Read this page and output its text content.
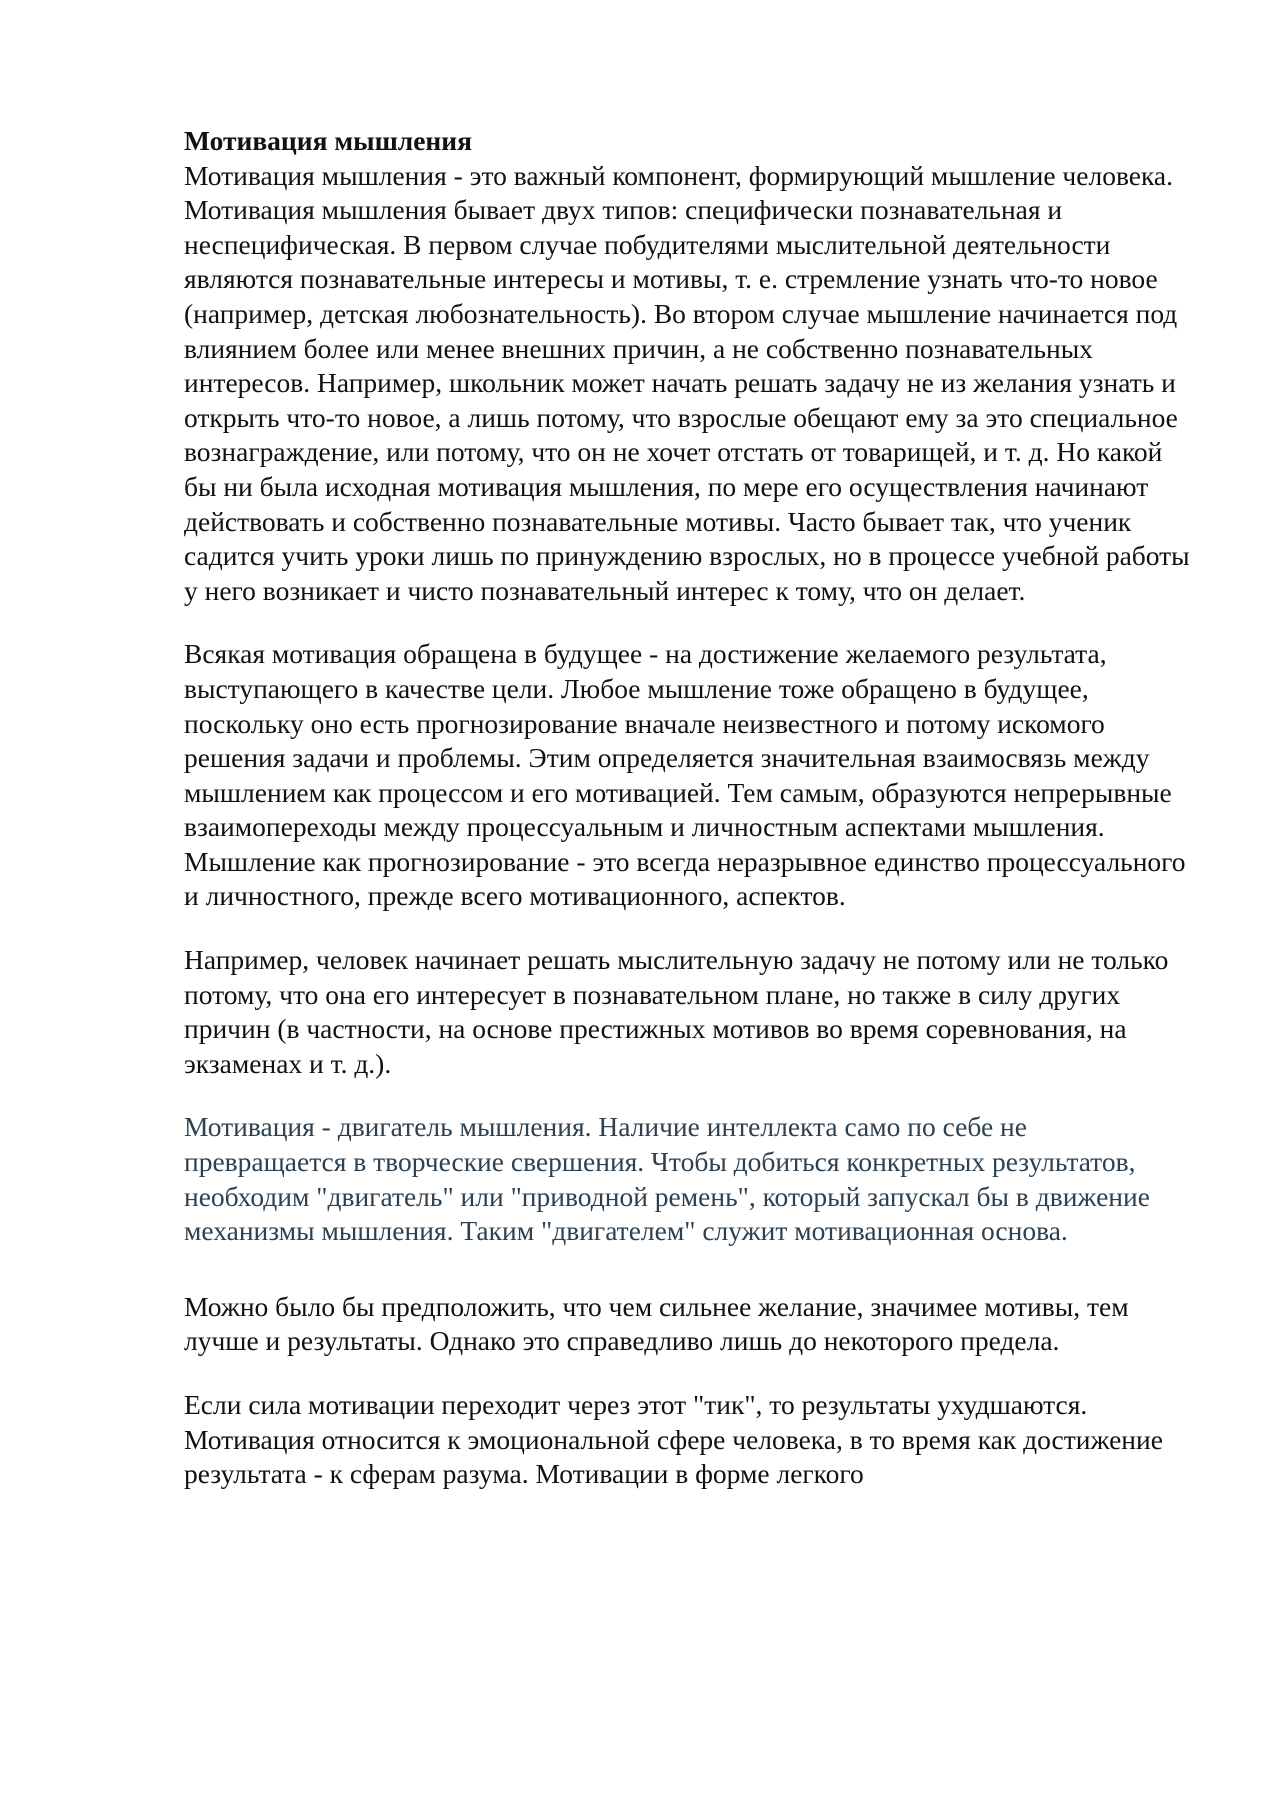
Мотивация мышления

Мотивация мышления - это важный компонент, формирующий мышление человека. Мотивация мышления бывает двух типов: специфически познавательная и неспецифическая. В первом случае побудителями мыслительной деятельности являются познавательные интересы и мотивы, т. е. стремление узнать что-то новое (например, детская любознательность). Во втором случае мышление начинается под влиянием более или менее внешних причин, а не собственно познавательных интересов. Например, школьник может начать решать задачу не из желания узнать и открыть что-то новое, а лишь потому, что взрослые обещают ему за это специальное вознаграждение, или потому, что он не хочет отстать от товарищей, и т. д. Но какой бы ни была исходная мотивация мышления, по мере его осуществления начинают действовать и собственно познавательные мотивы. Часто бывает так, что ученик садится учить уроки лишь по принуждению взрослых, но в процессе учебной работы у него возникает и чисто познавательный интерес к тому, что он делает.

Всякая мотивация обращена в будущее - на достижение желаемого результата, выступающего в качестве цели. Любое мышление тоже обращено в будущее, поскольку оно есть прогнозирование вначале неизвестного и потому искомого решения задачи и проблемы. Этим определяется значительная взаимосвязь между мышлением как процессом и его мотивацией. Тем самым, образуются непрерывные взаимопереходы между процессуальным и личностным аспектами мышления. Мышление как прогнозирование - это всегда неразрывное единство процессуального и личностного, прежде всего мотивационного, аспектов.

Например, человек начинает решать мыслительную задачу не потому или не только потому, что она его интересует в познавательном плане, но также в силу других причин (в частности, на основе престижных мотивов во время соревнования, на экзаменах и т. д.).

Мотивация - двигатель мышления. Наличие интеллекта само по себе не превращается в творческие свершения. Чтобы добиться конкретных результатов, необходим "двигатель" или "приводной ремень", который запускал бы в движение механизмы мышления. Таким "двигателем" служит мотивационная основа.

Можно было бы предположить, что чем сильнее желание, значимее мотивы, тем лучше и результаты. Однако это справедливо лишь до некоторого предела.

Если сила мотивации переходит через этот "тик", то результаты ухудшаются. Мотивация относится к эмоциональной сфере человека, в то время как достижение результата - к сферам разума. Мотивации в форме легкого
